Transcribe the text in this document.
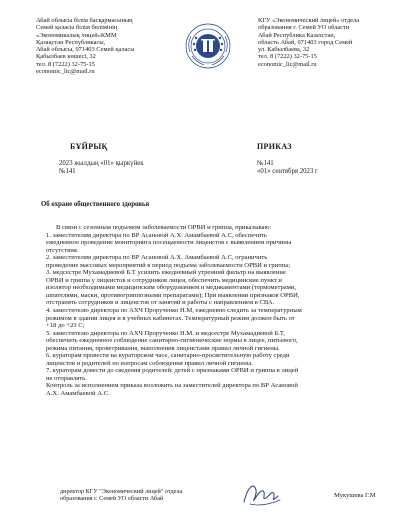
Абай облысы білім басқармасының
Семей қаласы білім бөлімінің
«Экономикалық лицей»КММ
Қазақстан Республикасы,
Абай облысы, 071403 Семей қаласы
Қабылбаев көшесі, 32
тел. 8 (7222) 32-75-15
economic_lic@mail.ru
КГУ «Экономический лицей» отдела
образования г. Семей УО области
Абай Республика Казахстан,
область Абай, 071403 город Семей
ул. Кабылбаева, 32
тел. 8 (7222) 32-75-15
economic_lic@mail.ru
БҰЙРЫҚ	ПРИКАЗ
2023 жылдың «01» қыркүйек
№141
№141
«01» сентября 2023 г
Об охране общественного здоровья
В связи с сезонным подъемом заболеваемости ОРВИ и гриппа, приказываю:
1. заместителям директора по ВР Асановой А.Х. Амамбаевой А.С, обеспечить
ежедневное проведение мониторинга посещаемости лицеистов с выявлением причины
отсутствия.
2. заместителям директора по ВР Асановой А.Х. Амамбаевой А.С, ограничить
проведение массовых мероприятий в период подъема заболеваемости ОРВИ и гриппа;
3. медсестре Мухамадиевой Б.Т усилить ежедневный утренний фильтр на выявление
ОРВИ и гриппа у лицеистов и сотрудников лицея, обеспечить медицинские пункт и
изолятор необходимыми медицинским оборудованием и медикаментами (термометрами,
шпателями, маски, противогриппозными препаратами); При выявлении признаков ОРВИ,
отстранять сотрудников и лицеистов от занятий и работы с направлением в СВА.
4. заместителю директора по АХЧ Прорученко Н.М, ежедневно следить за температурным
режимом в здании лицея и в учебных кабинетах. Температурный режим должен быть от
+18 до +23 С;
5. заместителю директора по АХЧ Прорученко Н.М. и медсестре Мухамадиевой Б.Т,
обеспечить ежедневное соблюдение санитарно-гигиенические нормы в лицее, питьевого,
режима питания, проветривания, выполнения лицеистами правил личной гигиены.
6. кураторам провести на кураторском часе, санитарно-просветительную работу среди
лицеистов и родителей по вопросам соблюдения правил личной гигиены.
7. кураторам довести до сведения родителей: детей с признаками ОРВИ и гриппа в лицей
не отправлять.
Контроль за исполнением приказа возложить на заместителей директора по ВР Асановой
А.Х. Амамбаевой А.С.
директор КГУ "Экономический лицей" отдела
образования г. Семей УО области Абай	Мукушева Г.М
